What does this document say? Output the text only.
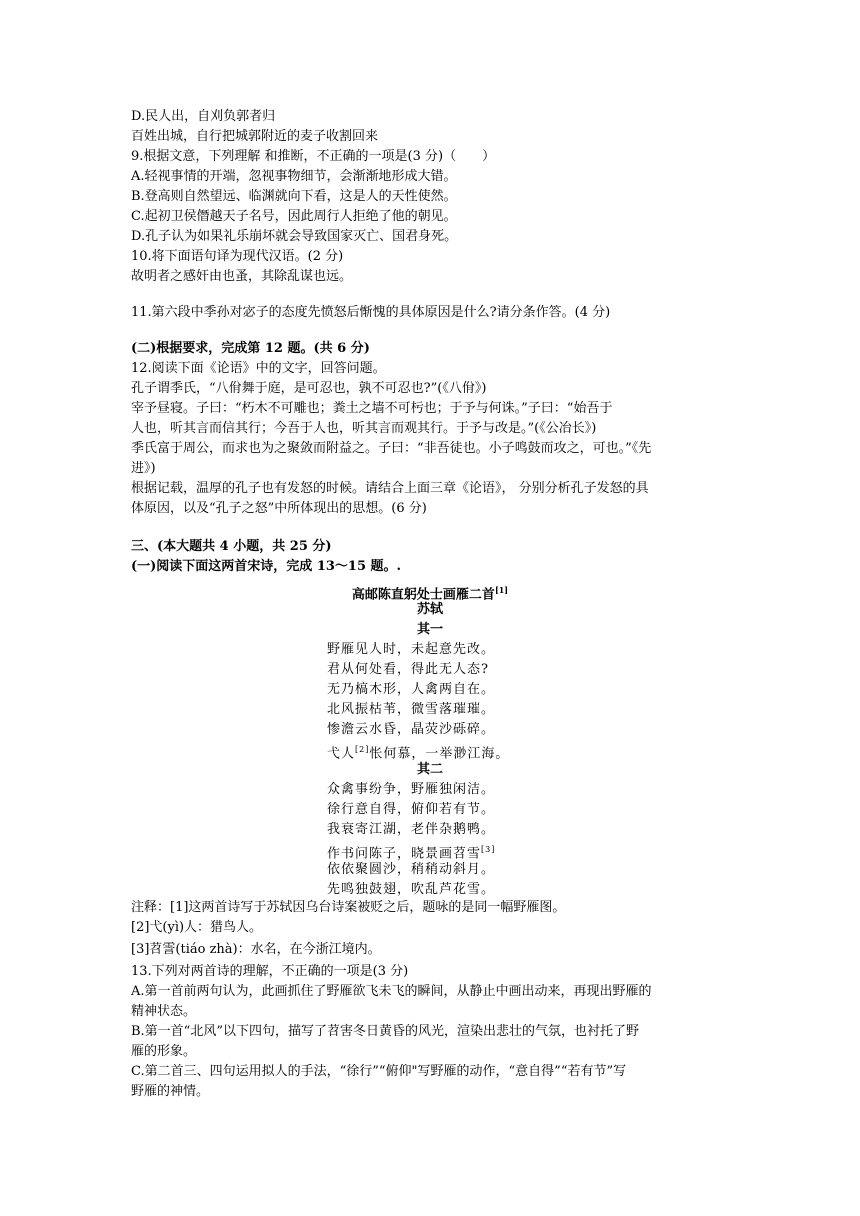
D.民人出，自刈负郭者归
百姓出城，自行把城郭附近的麦子收割回来
9.根据文意，下列理解 和推断，不正确的一项是(3 分)（　　）
A.轻视事情的开端，忽视事物细节，会渐渐地形成大错。
B.登高则自然望远、临渊就向下看，这是人的天性使然。
C.起初卫侯僭越天子名号，因此周行人拒绝了他的朝见。
D.孔子认为如果礼乐崩坏就会导致国家灭亡、国君身死。
10.将下面语句译为现代汉语。(2 分)
故明者之感奸由也蚤，其除乱谋也远。
11.第六段中季孙对宓子的态度先愤怒后惭愧的具体原因是什么?请分条作答。(4 分)
(二)根据要求，完成第 12 题。(共 6 分)
12.阅读下面《论语》中的文字，回答问题。
孔子谓季氏，“八佾舞于庭，是可忍也，孰不可忍也?”(《八佾》)
宰予昼寝。子曰：“朽木不可雕也；粪土之墙不可杇也；于予与何诛。”子曰：“始吾于
人也，听其言而信其行；今吾于人也，听其言而观其行。于予与改是。”(《公冶长》)
季氏富于周公，而求也为之聚敛而附益之。子曰：“非吾徒也。小子鸣鼓而攻之，可也。”《先
进》)
根据记载，温厚的孔子也有发怒的时候。请结合上面三章《论语》， 分别分析孔子发怒的具
体原因，以及“孔子之怒”中所体现出的思想。(6 分)
三、(本大题共 4 小题，共 25 分)
(一)阅读下面这两首宋诗，完成 13～15 题。.
高邮陈直躬处士画雁二首[1]
苏轼
其一
野雁见人时，未起意先改。
君从何处看，得此无人态?
无乃槁木形，人禽两自在。
北风振枯苇，微雪落璀璀。
惨澹云水昏，晶荧沙砾碎。
弋人[2]怅何慕，一举渺江海。
其二
众禽事纷争，野雁独闲洁。
徐行意自得，俯仰若有节。
我衰寄江湖，老伴杂鹅鸭。
作书问陈子，晓景画苕雪[3]
依依聚圆沙，稍稍动斜月。
先鸣独鼓翅，吹乱芦花雪。
注释：[1]这两首诗写于苏轼因乌台诗案被贬之后，题咏的是同一幅野雁图。
[2]弋(yì)人：猎鸟人。
[3]苕霅(tiáo zhà)：水名，在今浙江境内。
13.下列对两首诗的理解，不正确的一项是(3 分)
A.第一首前两句认为，此画抓住了野雁欲飞未飞的瞬间，从静止中画出动来，再现出野雁的
精神状态。
B.第一首“北风”以下四句，描写了苕害冬日黄昏的风光，渲染出悲壮的气氛，也衬托了野
雁的形象。
C.第二首三、四句运用拟人的手法，“徐行”“俯仰"写野雁的动作，“意自得”“若有节”写
野雁的神情。
